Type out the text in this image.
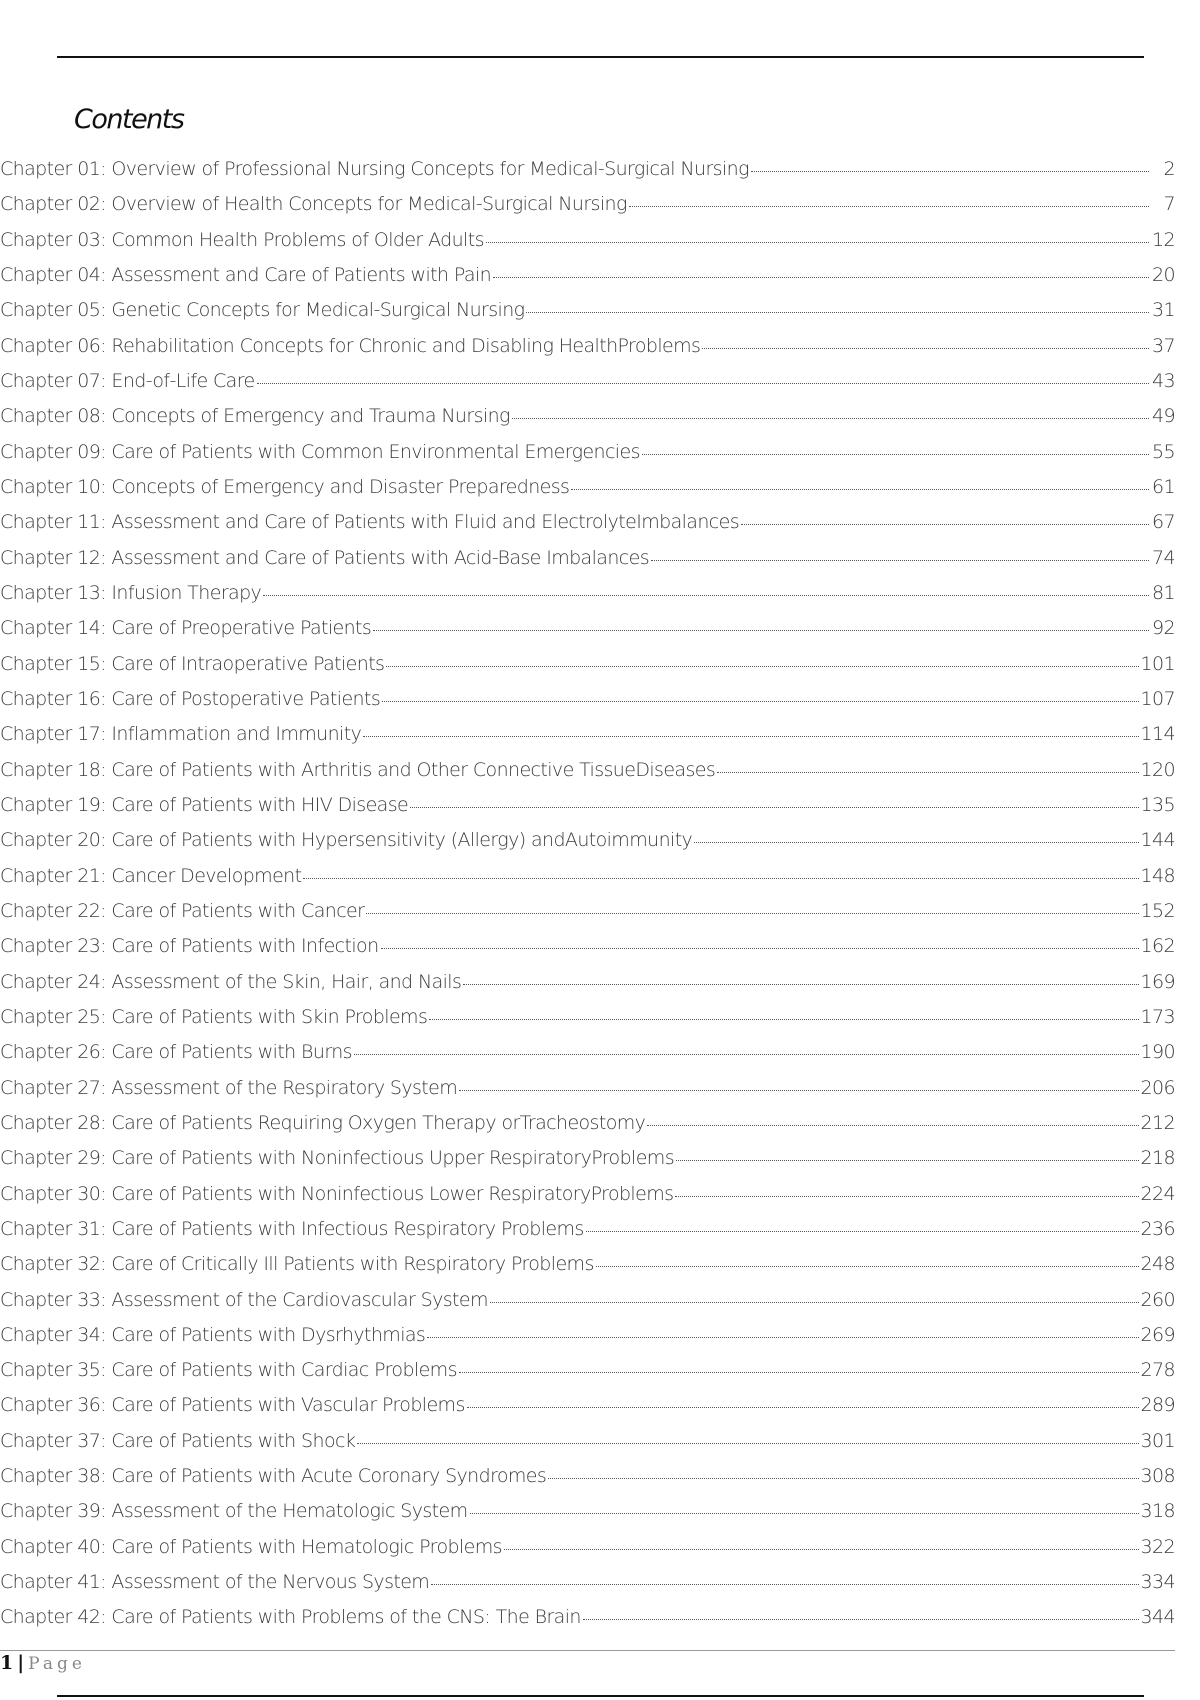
Contents
Chapter 01: Overview of Professional Nursing Concepts for Medical-Surgical Nursing	2
Chapter 02: Overview of Health Concepts for Medical-Surgical Nursing	7
Chapter 03: Common Health Problems of Older Adults	12
Chapter 04: Assessment and Care of Patients with Pain	20
Chapter 05: Genetic Concepts for Medical-Surgical Nursing	31
Chapter 06: Rehabilitation Concepts for Chronic and Disabling HealthProblems	37
Chapter 07: End-of-Life Care	43
Chapter 08: Concepts of Emergency and Trauma Nursing	49
Chapter 09: Care of Patients with Common Environmental Emergencies	55
Chapter 10: Concepts of Emergency and Disaster Preparedness	61
Chapter 11: Assessment and Care of Patients with Fluid and ElectrolyteImbalances	67
Chapter 12: Assessment and Care of Patients with Acid-Base Imbalances	74
Chapter 13: Infusion Therapy	81
Chapter 14: Care of Preoperative Patients	92
Chapter 15: Care of Intraoperative Patients	101
Chapter 16: Care of Postoperative Patients	107
Chapter 17: Inflammation and Immunity	114
Chapter 18: Care of Patients with Arthritis and Other Connective TissueDiseases	120
Chapter 19: Care of Patients with HIV Disease	135
Chapter 20: Care of Patients with Hypersensitivity (Allergy) andAutoimmunity	144
Chapter 21: Cancer Development	148
Chapter 22: Care of Patients with Cancer	152
Chapter 23: Care of Patients with Infection	162
Chapter 24: Assessment of the Skin, Hair, and Nails	169
Chapter 25: Care of Patients with Skin Problems	173
Chapter 26: Care of Patients with Burns	190
Chapter 27: Assessment of the Respiratory System	206
Chapter 28: Care of Patients Requiring Oxygen Therapy orTracheostomy	212
Chapter 29: Care of Patients with Noninfectious Upper RespiratoryProblems	218
Chapter 30: Care of Patients with Noninfectious Lower RespiratoryProblems	224
Chapter 31: Care of Patients with Infectious Respiratory Problems	236
Chapter 32: Care of Critically Ill Patients with Respiratory Problems	248
Chapter 33: Assessment of the Cardiovascular System	260
Chapter 34: Care of Patients with Dysrhythmias	269
Chapter 35: Care of Patients with Cardiac Problems	278
Chapter 36: Care of Patients with Vascular Problems	289
Chapter 37: Care of Patients with Shock	301
Chapter 38: Care of Patients with Acute Coronary Syndromes	308
Chapter 39: Assessment of the Hematologic System	318
Chapter 40: Care of Patients with Hematologic Problems	322
Chapter 41: Assessment of the Nervous System	334
Chapter 42: Care of Patients with Problems of the CNS: The Brain	344
1 | Page
